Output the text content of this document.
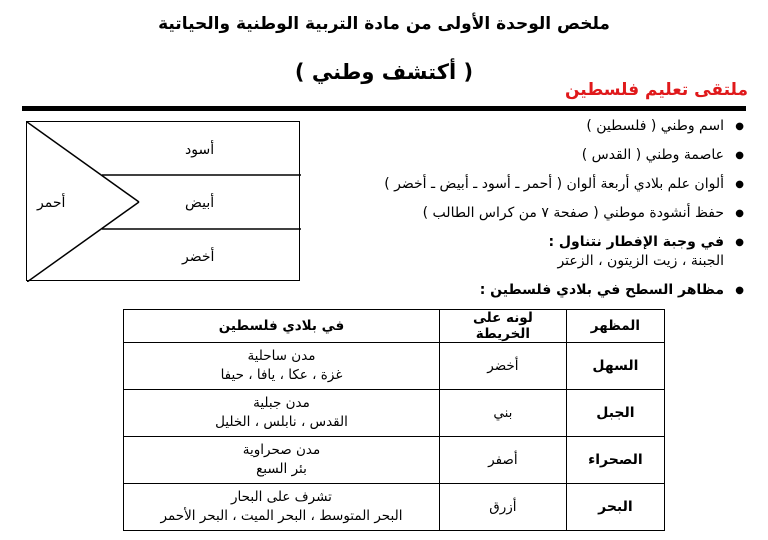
ملخص الوحدة الأولى من مادة التربية الوطنية والحياتية
( أكتشف وطني )
ملتقى تعليم فلسطين
أسود
أبيض
أخضر
أحمر
● اسم وطني ( فلسطين )
● عاصمة وطني ( القدس )
● ألوان علم بلادي أربعة ألوان ( أحمر ـ أسود ـ أبيض ـ أخضر )
● حفظ أنشودة موطني ( صفحة ٧ من كراس الطالب )
● في وجبة الإفطار نتناول :
الجبنة ، زيت الزيتون ، الزعتر
● مظاهر السطح في بلادي فلسطين :
المظهر	لونه على الخريطة	في بلادي فلسطين
السهل	أخضر	مدن ساحلية
غزة ، عكا ، يافا ، حيفا

الجبل	بني	مدن جبلية
القدس ، نابلس ، الخليل

الصحراء	أصفر	مدن صحراوية
بئر السبع

البحر	أزرق	تشرف على البحار
البحر المتوسط ، البحر الميت ، البحر الأحمر
